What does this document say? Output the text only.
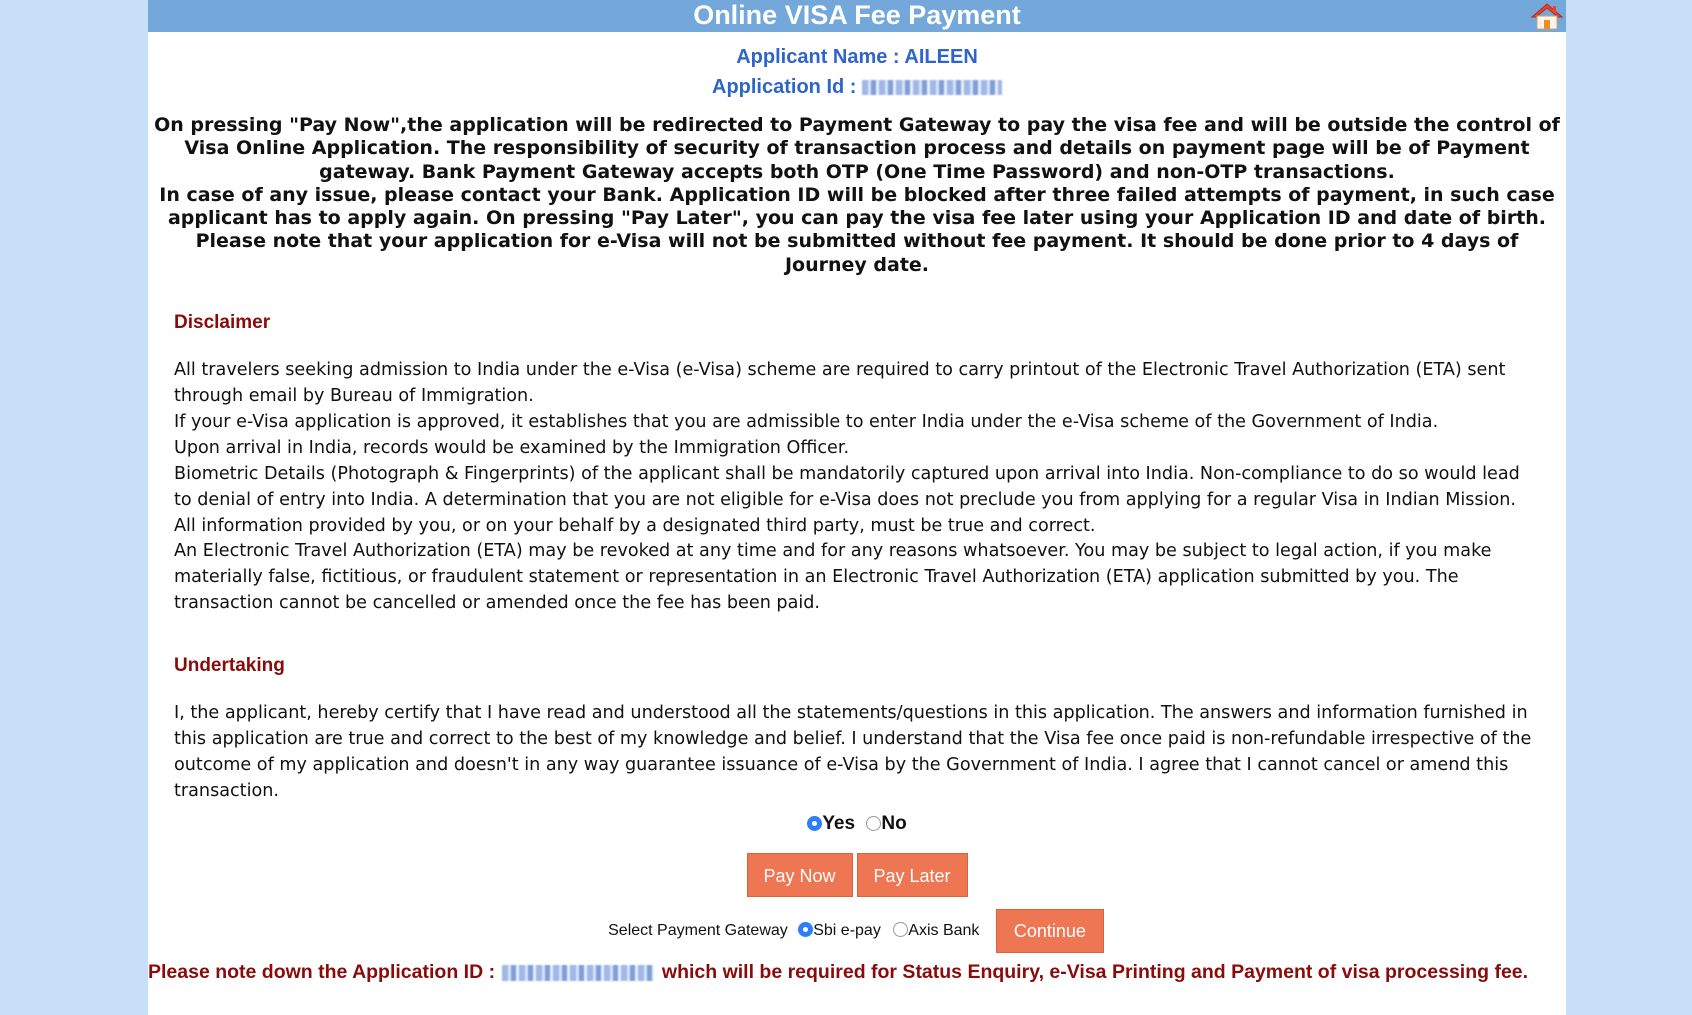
Online VISA Fee Payment
Applicant Name : AILEEN
Application Id :
On pressing "Pay Now",the application will be redirected to Payment Gateway to pay the visa fee and will be outside the control of Visa Online Application. The responsibility of security of transaction process and details on payment page will be of Payment gateway. Bank Payment Gateway accepts both OTP (One Time Password) and non-OTP transactions.
In case of any issue, please contact your Bank. Application ID will be blocked after three failed attempts of payment, in such case applicant has to apply again. On pressing "Pay Later", you can pay the visa fee later using your Application ID and date of birth.
Please note that your application for e-Visa will not be submitted without fee payment. It should be done prior to 4 days of Journey date.
Disclaimer
All travelers seeking admission to India under the e-Visa (e-Visa) scheme are required to carry printout of the Electronic Travel Authorization (ETA) sent through email by Bureau of Immigration.
If your e-Visa application is approved, it establishes that you are admissible to enter India under the e-Visa scheme of the Government of India.
Upon arrival in India, records would be examined by the Immigration Officer.
Biometric Details (Photograph & Fingerprints) of the applicant shall be mandatorily captured upon arrival into India. Non-compliance to do so would lead to denial of entry into India. A determination that you are not eligible for e-Visa does not preclude you from applying for a regular Visa in Indian Mission. All information provided by you, or on your behalf by a designated third party, must be true and correct.
An Electronic Travel Authorization (ETA) may be revoked at any time and for any reasons whatsoever. You may be subject to legal action, if you make materially false, fictitious, or fraudulent statement or representation in an Electronic Travel Authorization (ETA) application submitted by you. The transaction cannot be cancelled or amended once the fee has been paid.
Undertaking
I, the applicant, hereby certify that I have read and understood all the statements/questions in this application. The answers and information furnished in this application are true and correct to the best of my knowledge and belief. I understand that the Visa fee once paid is non-refundable irrespective of the outcome of my application and doesn't in any way guarantee issuance of e-Visa by the Government of India. I agree that I cannot cancel or amend this transaction.
Yes No
Pay Now Pay Later
Select Payment Gateway Sbi e-pay Axis Bank Continue
Please note down the Application ID :	which will be required for Status Enquiry, e-Visa Printing and Payment of visa processing fee.
